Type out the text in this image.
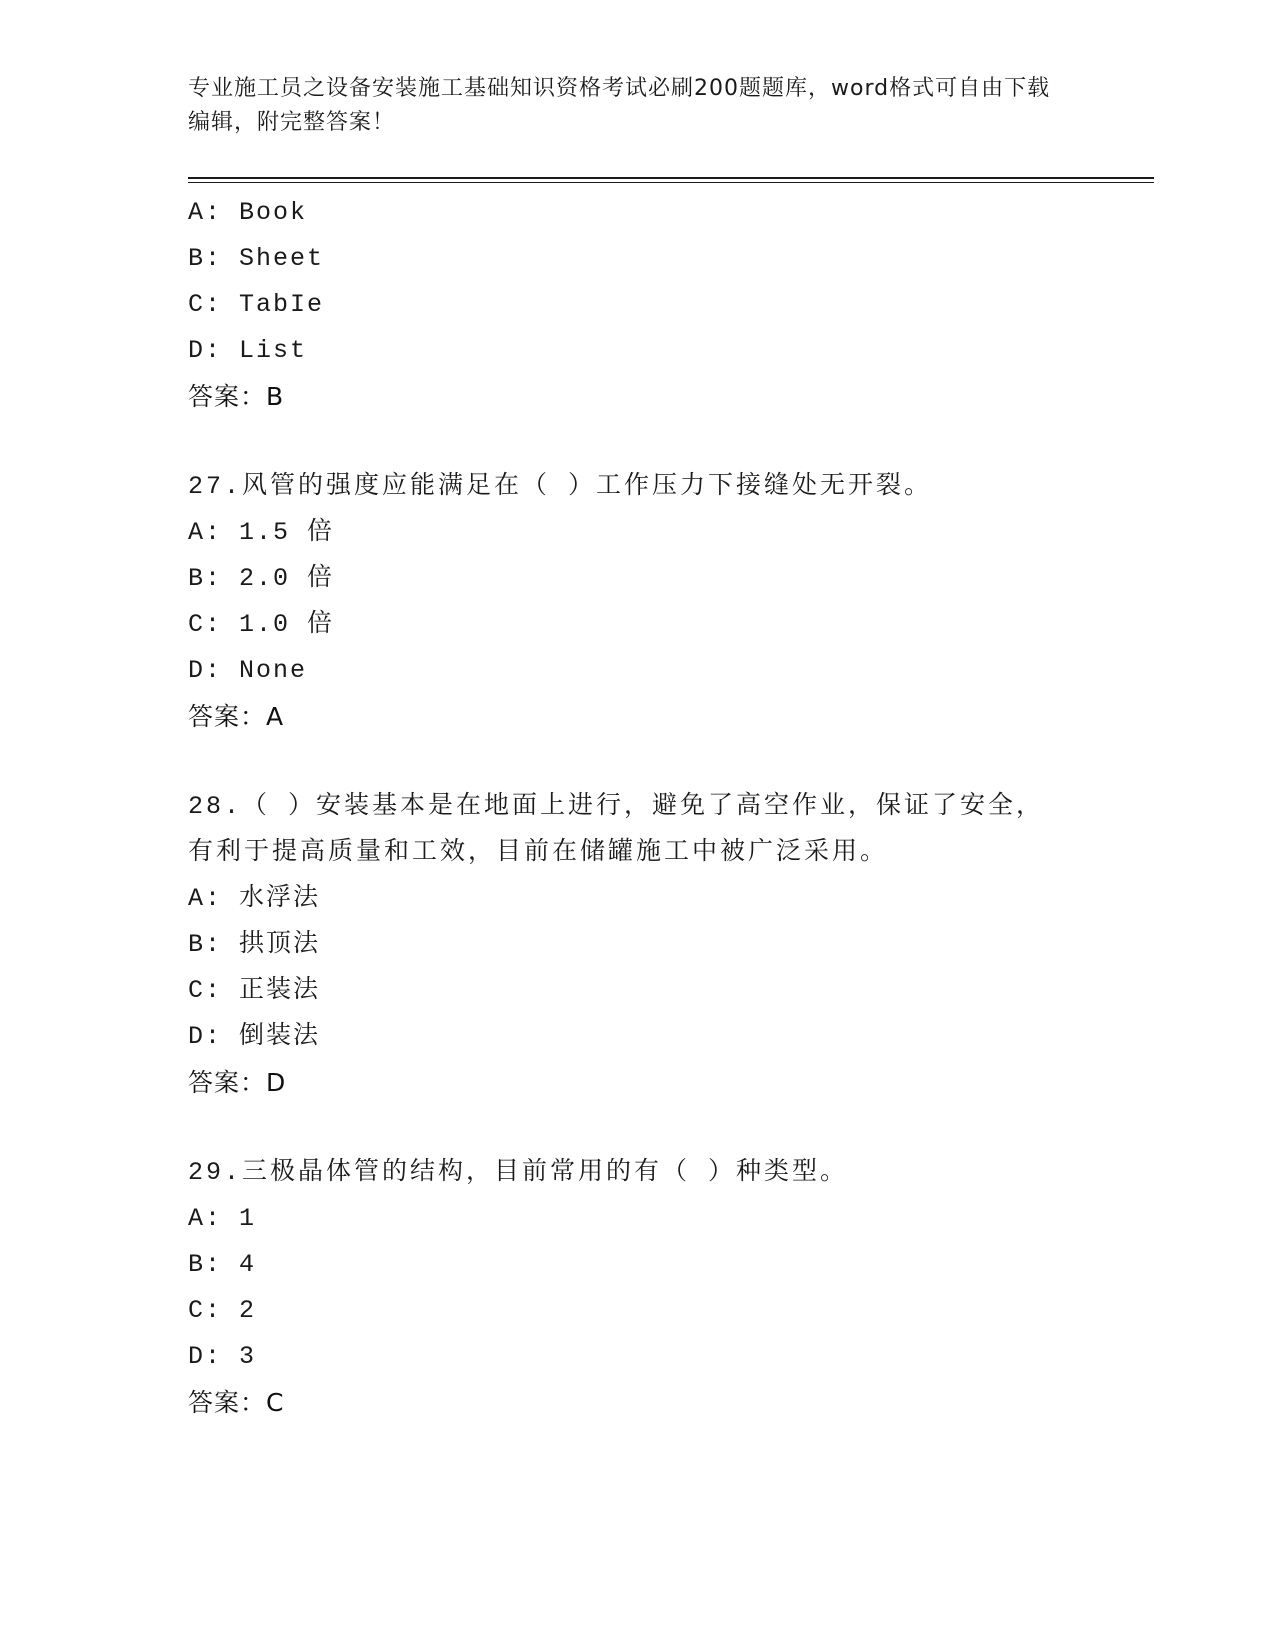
专业施工员之设备安装施工基础知识资格考试必刷200题题库，word格式可自由下载编辑，附完整答案！
A: Book
B: Sheet
C: TabIe
D: List
答案：B
27.风管的强度应能满足在（ ）工作压力下接缝处无开裂。
A: 1.5 倍
B: 2.0 倍
C: 1.0 倍
D: None
答案：A
28.（ ）安装基本是在地面上进行，避免了高空作业，保证了安全，有利于提高质量和工效，目前在储罐施工中被广泛采用。
A: 水浮法
B: 拱顶法
C: 正装法
D: 倒装法
答案：D
29.三极晶体管的结构，目前常用的有（ ）种类型。
A: 1
B: 4
C: 2
D: 3
答案：C
